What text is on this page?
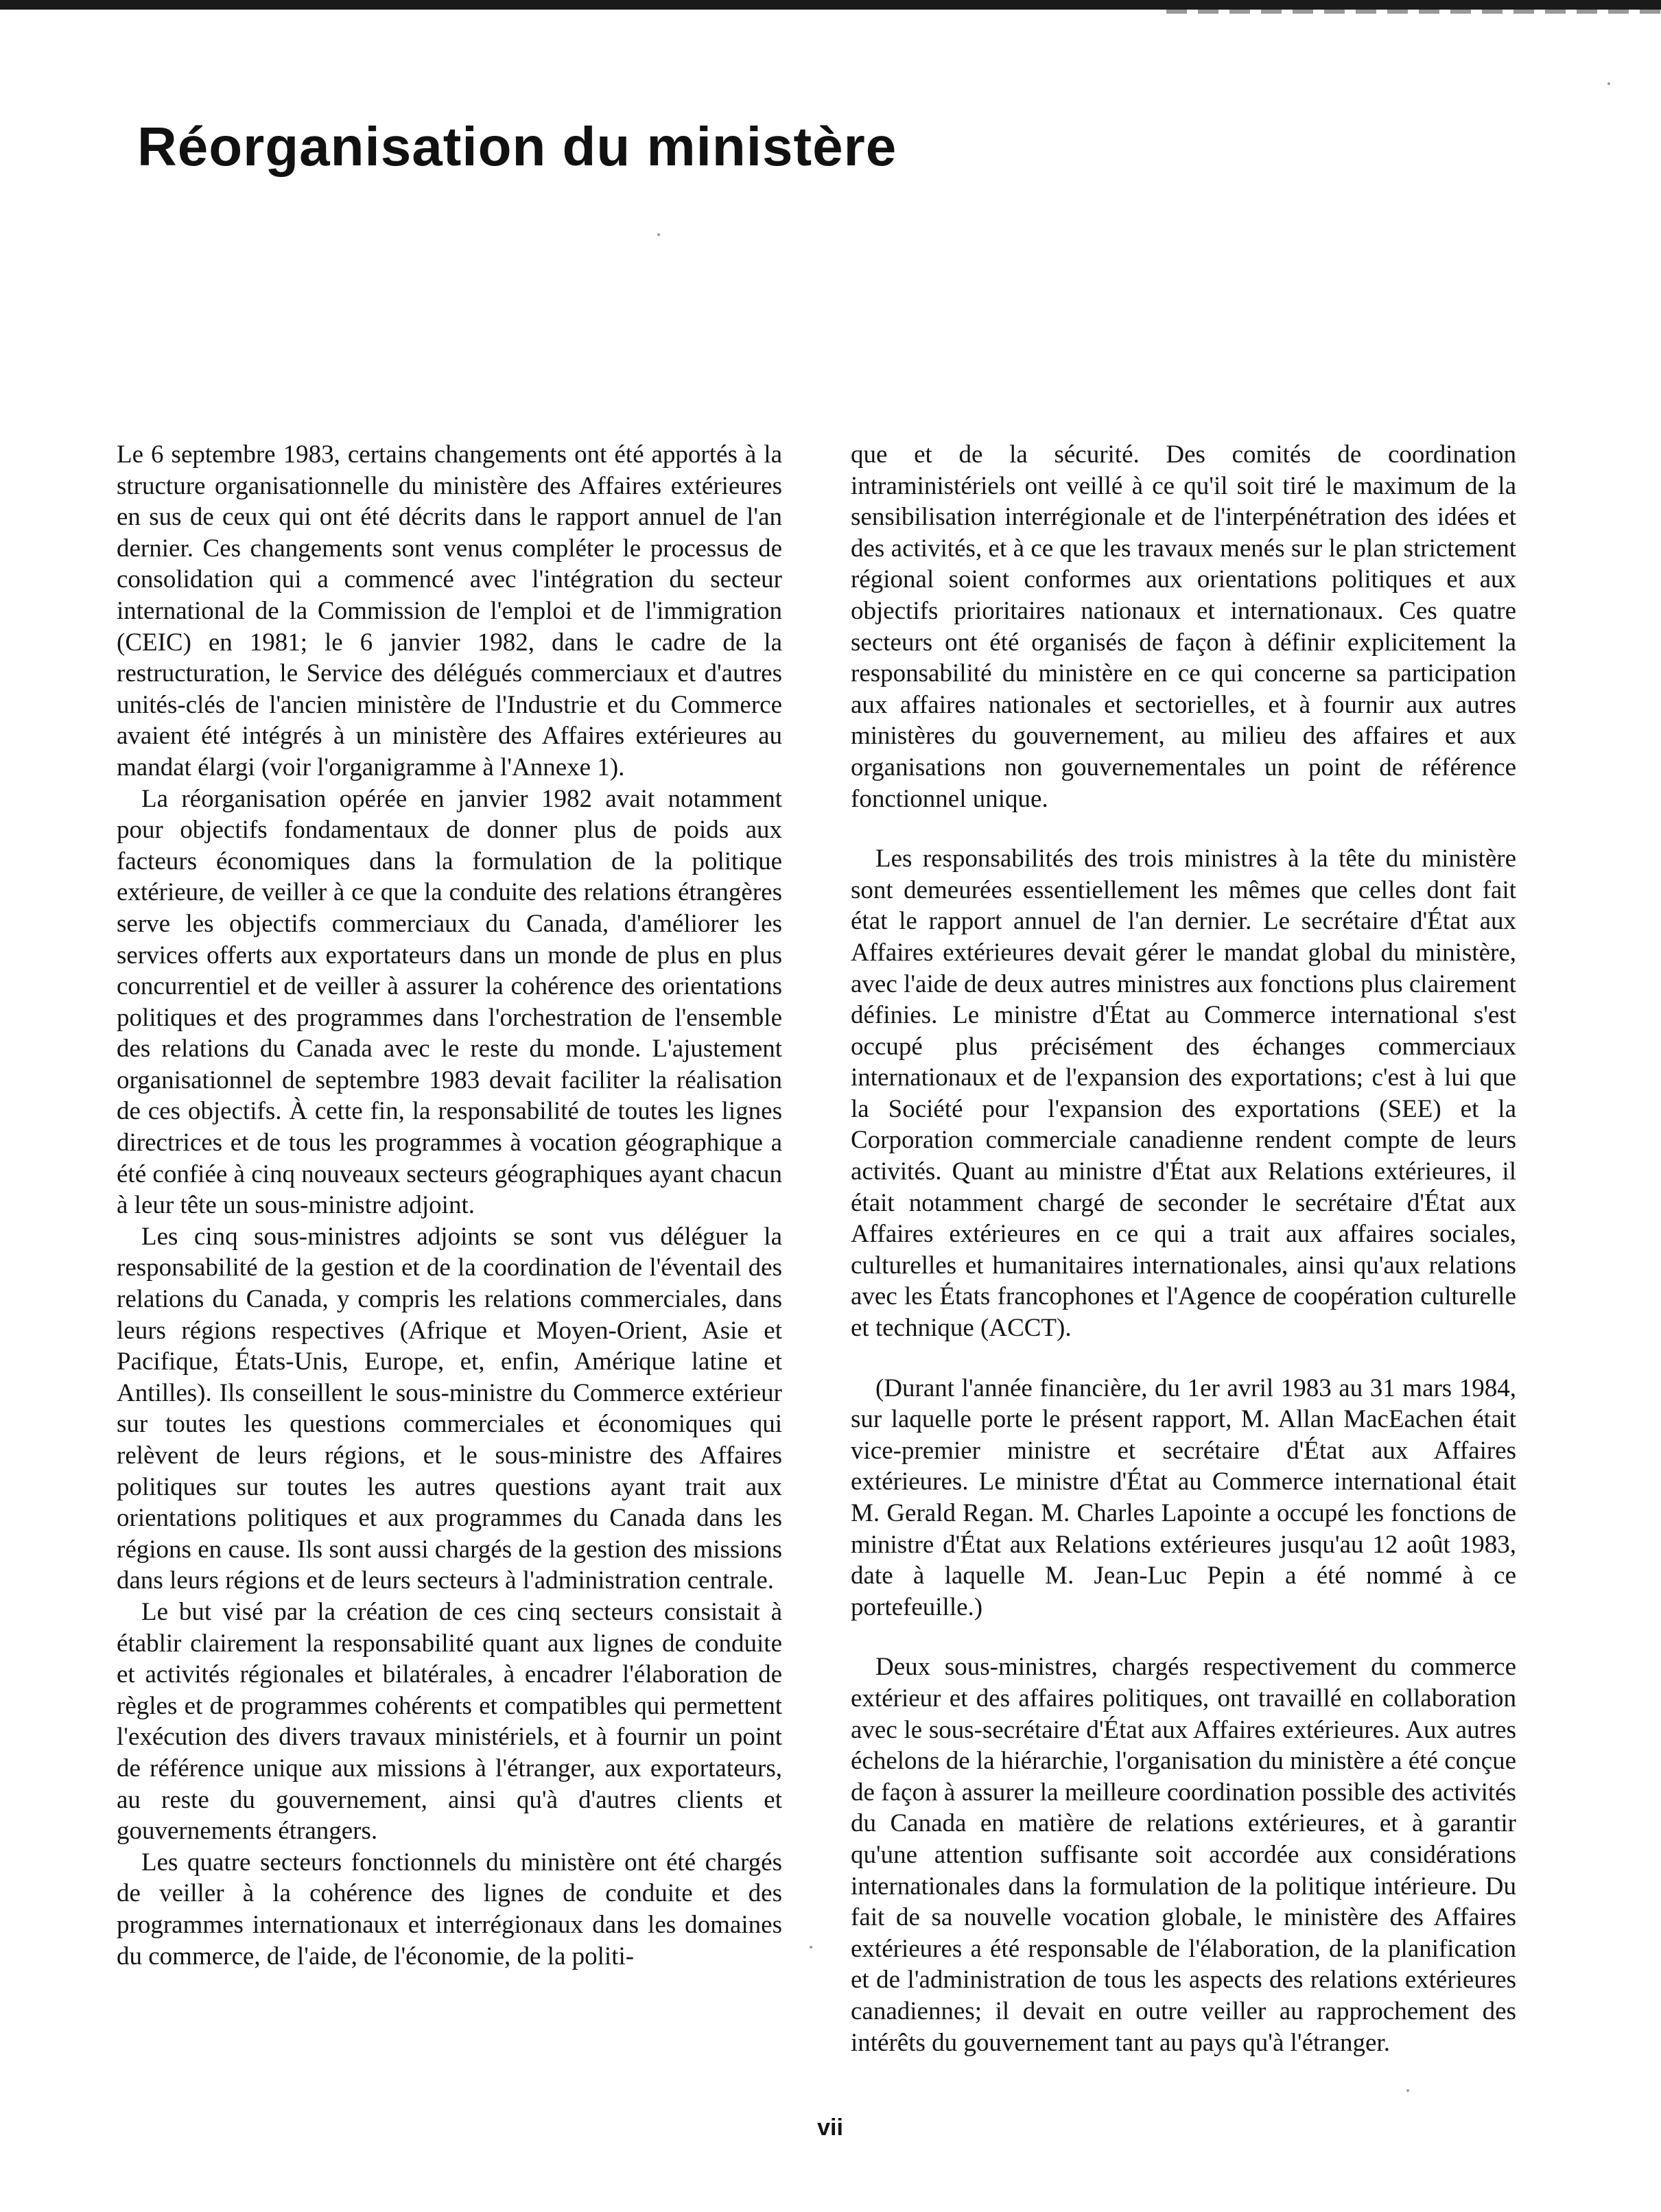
Réorganisation du ministère

Le 6 septembre 1983, certains changements ont été apportés à la structure organisationnelle du ministère des Affaires extérieures en sus de ceux qui ont été décrits dans le rapport annuel de l'an dernier. Ces changements sont venus compléter le processus de consolidation qui a commencé avec l'intégration du secteur international de la Commission de l'emploi et de l'immigration (CEIC) en 1981; le 6 janvier 1982, dans le cadre de la restructuration, le Service des délégués commerciaux et d'autres unités-clés de l'ancien ministère de l'Industrie et du Commerce avaient été intégrés à un ministère des Affaires extérieures au mandat élargi (voir l'organigramme à l'Annexe 1).

La réorganisation opérée en janvier 1982 avait notamment pour objectifs fondamentaux de donner plus de poids aux facteurs économiques dans la formulation de la politique extérieure, de veiller à ce que la conduite des relations étrangères serve les objectifs commerciaux du Canada, d'améliorer les services offerts aux exportateurs dans un monde de plus en plus concurrentiel et de veiller à assurer la cohérence des orientations politiques et des programmes dans l'orchestration de l'ensemble des relations du Canada avec le reste du monde. L'ajustement organisationnel de septembre 1983 devait faciliter la réalisation de ces objectifs. À cette fin, la responsabilité de toutes les lignes directrices et de tous les programmes à vocation géographique a été confiée à cinq nouveaux secteurs géographiques ayant chacun à leur tête un sous-ministre adjoint.

Les cinq sous-ministres adjoints se sont vus déléguer la responsabilité de la gestion et de la coordination de l'éventail des relations du Canada, y compris les relations commerciales, dans leurs régions respectives (Afrique et Moyen-Orient, Asie et Pacifique, États-Unis, Europe, et, enfin, Amérique latine et Antilles). Ils conseillent le sous-ministre du Commerce extérieur sur toutes les questions commerciales et économiques qui relèvent de leurs régions, et le sous-ministre des Affaires politiques sur toutes les autres questions ayant trait aux orientations politiques et aux programmes du Canada dans les régions en cause. Ils sont aussi chargés de la gestion des missions dans leurs régions et de leurs secteurs à l'administration centrale.

Le but visé par la création de ces cinq secteurs consistait à établir clairement la responsabilité quant aux lignes de conduite et activités régionales et bilatérales, à encadrer l'élaboration de règles et de programmes cohérents et compatibles qui permettent l'exécution des divers travaux ministériels, et à fournir un point de référence unique aux missions à l'étranger, aux exportateurs, au reste du gouvernement, ainsi qu'à d'autres clients et gouvernements étrangers.

Les quatre secteurs fonctionnels du ministère ont été chargés de veiller à la cohérence des lignes de conduite et des programmes internationaux et interrégionaux dans les domaines du commerce, de l'aide, de l'économie, de la politi-

que et de la sécurité. Des comités de coordination intraministériels ont veillé à ce qu'il soit tiré le maximum de la sensibilisation interrégionale et de l'interpénétration des idées et des activités, et à ce que les travaux menés sur le plan strictement régional soient conformes aux orientations politiques et aux objectifs prioritaires nationaux et internationaux. Ces quatre secteurs ont été organisés de façon à définir explicitement la responsabilité du ministère en ce qui concerne sa participation aux affaires nationales et sectorielles, et à fournir aux autres ministères du gouvernement, au milieu des affaires et aux organisations non gouvernementales un point de référence fonctionnel unique.

Les responsabilités des trois ministres à la tête du ministère sont demeurées essentiellement les mêmes que celles dont fait état le rapport annuel de l'an dernier. Le secrétaire d'État aux Affaires extérieures devait gérer le mandat global du ministère, avec l'aide de deux autres ministres aux fonctions plus clairement définies. Le ministre d'État au Commerce international s'est occupé plus précisément des échanges commerciaux internationaux et de l'expansion des exportations; c'est à lui que la Société pour l'expansion des exportations (SEE) et la Corporation commerciale canadienne rendent compte de leurs activités. Quant au ministre d'État aux Relations extérieures, il était notamment chargé de seconder le secrétaire d'État aux Affaires extérieures en ce qui a trait aux affaires sociales, culturelles et humanitaires internationales, ainsi qu'aux relations avec les États francophones et l'Agence de coopération culturelle et technique (ACCT).

(Durant l'année financière, du 1er avril 1983 au 31 mars 1984, sur laquelle porte le présent rapport, M. Allan MacEachen était vice-premier ministre et secrétaire d'État aux Affaires extérieures. Le ministre d'État au Commerce international était M. Gerald Regan. M. Charles Lapointe a occupé les fonctions de ministre d'État aux Relations extérieures jusqu'au 12 août 1983, date à laquelle M. Jean-Luc Pepin a été nommé à ce portefeuille.)

Deux sous-ministres, chargés respectivement du commerce extérieur et des affaires politiques, ont travaillé en collaboration avec le sous-secrétaire d'État aux Affaires extérieures. Aux autres échelons de la hiérarchie, l'organisation du ministère a été conçue de façon à assurer la meilleure coordination possible des activités du Canada en matière de relations extérieures, et à garantir qu'une attention suffisante soit accordée aux considérations internationales dans la formulation de la politique intérieure. Du fait de sa nouvelle vocation globale, le ministère des Affaires extérieures a été responsable de l'élaboration, de la planification et de l'administration de tous les aspects des relations extérieures canadiennes; il devait en outre veiller au rapprochement des intérêts du gouvernement tant au pays qu'à l'étranger.

vii
